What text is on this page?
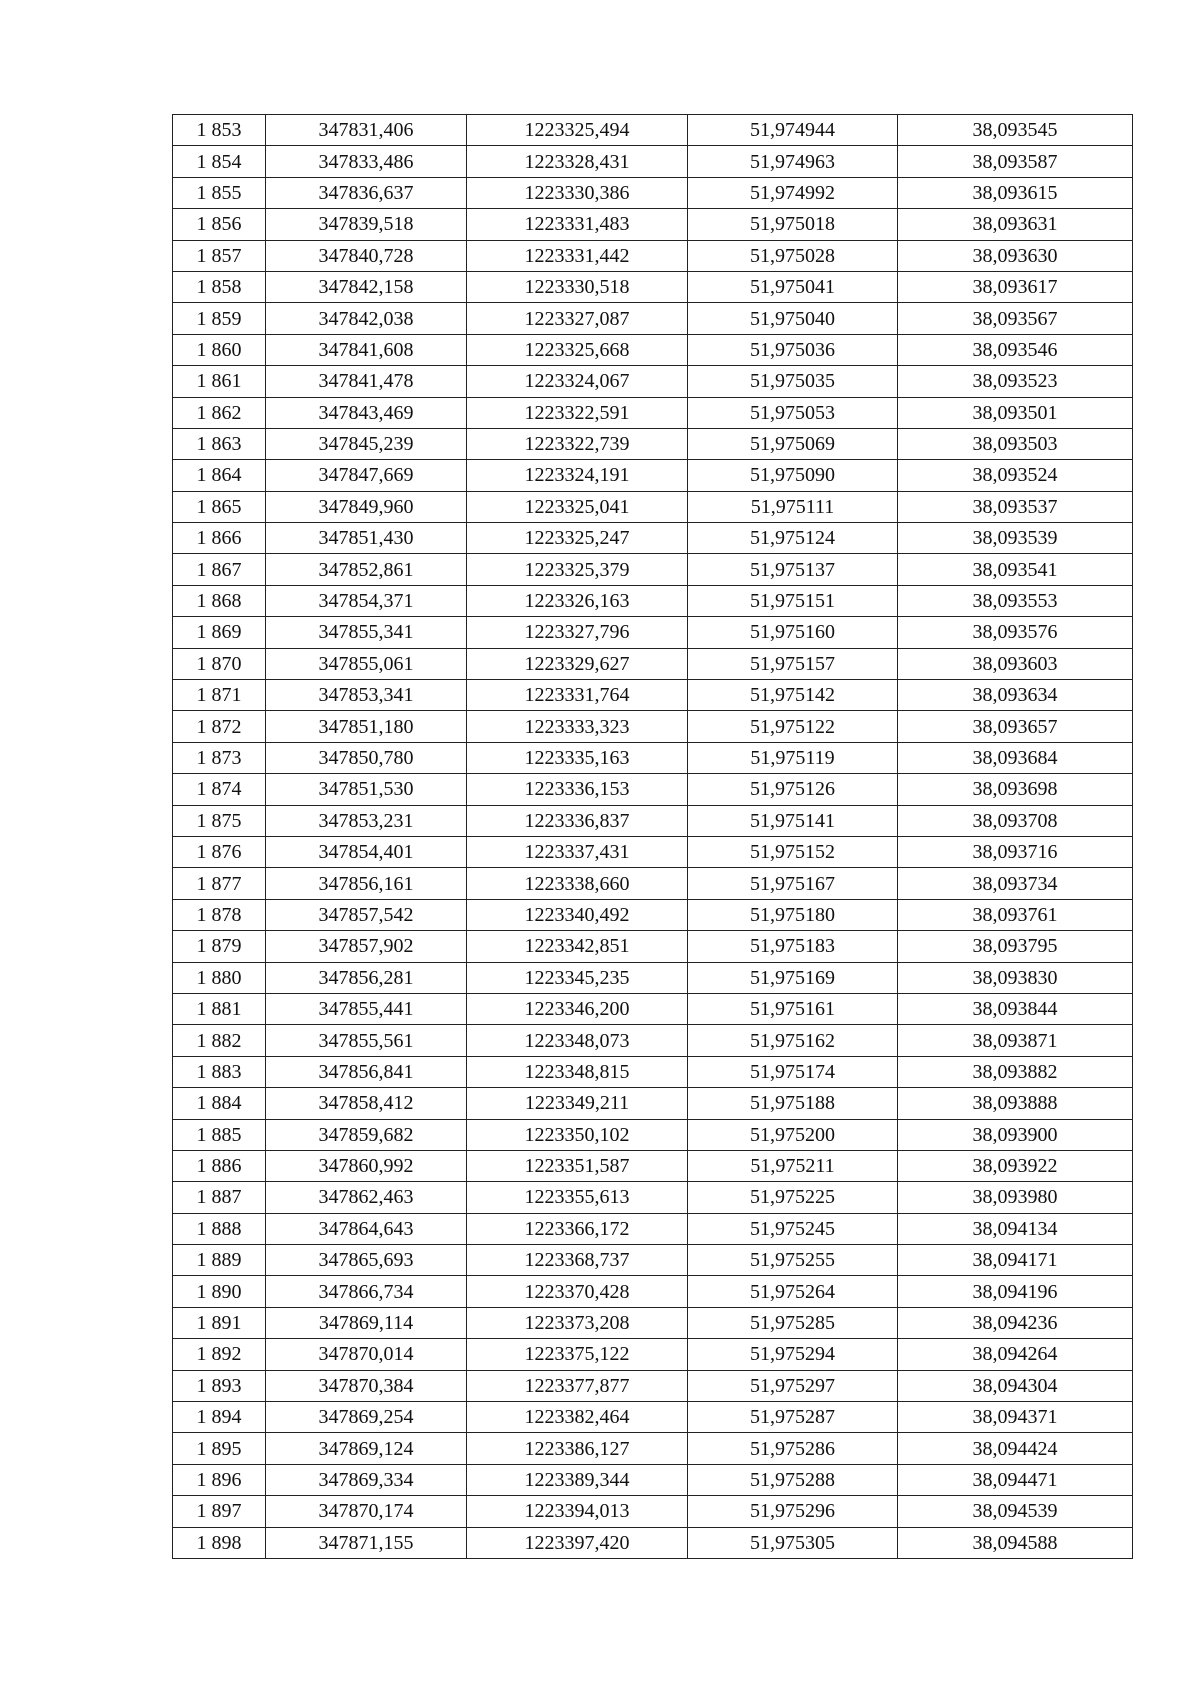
1 853	347831,406	1223325,494	51,974944	38,093545
1 854	347833,486	1223328,431	51,974963	38,093587
1 855	347836,637	1223330,386	51,974992	38,093615
1 856	347839,518	1223331,483	51,975018	38,093631
1 857	347840,728	1223331,442	51,975028	38,093630
1 858	347842,158	1223330,518	51,975041	38,093617
1 859	347842,038	1223327,087	51,975040	38,093567
1 860	347841,608	1223325,668	51,975036	38,093546
1 861	347841,478	1223324,067	51,975035	38,093523
1 862	347843,469	1223322,591	51,975053	38,093501
1 863	347845,239	1223322,739	51,975069	38,093503
1 864	347847,669	1223324,191	51,975090	38,093524
1 865	347849,960	1223325,041	51,975111	38,093537
1 866	347851,430	1223325,247	51,975124	38,093539
1 867	347852,861	1223325,379	51,975137	38,093541
1 868	347854,371	1223326,163	51,975151	38,093553
1 869	347855,341	1223327,796	51,975160	38,093576
1 870	347855,061	1223329,627	51,975157	38,093603
1 871	347853,341	1223331,764	51,975142	38,093634
1 872	347851,180	1223333,323	51,975122	38,093657
1 873	347850,780	1223335,163	51,975119	38,093684
1 874	347851,530	1223336,153	51,975126	38,093698
1 875	347853,231	1223336,837	51,975141	38,093708
1 876	347854,401	1223337,431	51,975152	38,093716
1 877	347856,161	1223338,660	51,975167	38,093734
1 878	347857,542	1223340,492	51,975180	38,093761
1 879	347857,902	1223342,851	51,975183	38,093795
1 880	347856,281	1223345,235	51,975169	38,093830
1 881	347855,441	1223346,200	51,975161	38,093844
1 882	347855,561	1223348,073	51,975162	38,093871
1 883	347856,841	1223348,815	51,975174	38,093882
1 884	347858,412	1223349,211	51,975188	38,093888
1 885	347859,682	1223350,102	51,975200	38,093900
1 886	347860,992	1223351,587	51,975211	38,093922
1 887	347862,463	1223355,613	51,975225	38,093980
1 888	347864,643	1223366,172	51,975245	38,094134
1 889	347865,693	1223368,737	51,975255	38,094171
1 890	347866,734	1223370,428	51,975264	38,094196
1 891	347869,114	1223373,208	51,975285	38,094236
1 892	347870,014	1223375,122	51,975294	38,094264
1 893	347870,384	1223377,877	51,975297	38,094304
1 894	347869,254	1223382,464	51,975287	38,094371
1 895	347869,124	1223386,127	51,975286	38,094424
1 896	347869,334	1223389,344	51,975288	38,094471
1 897	347870,174	1223394,013	51,975296	38,094539
1 898	347871,155	1223397,420	51,975305	38,094588
